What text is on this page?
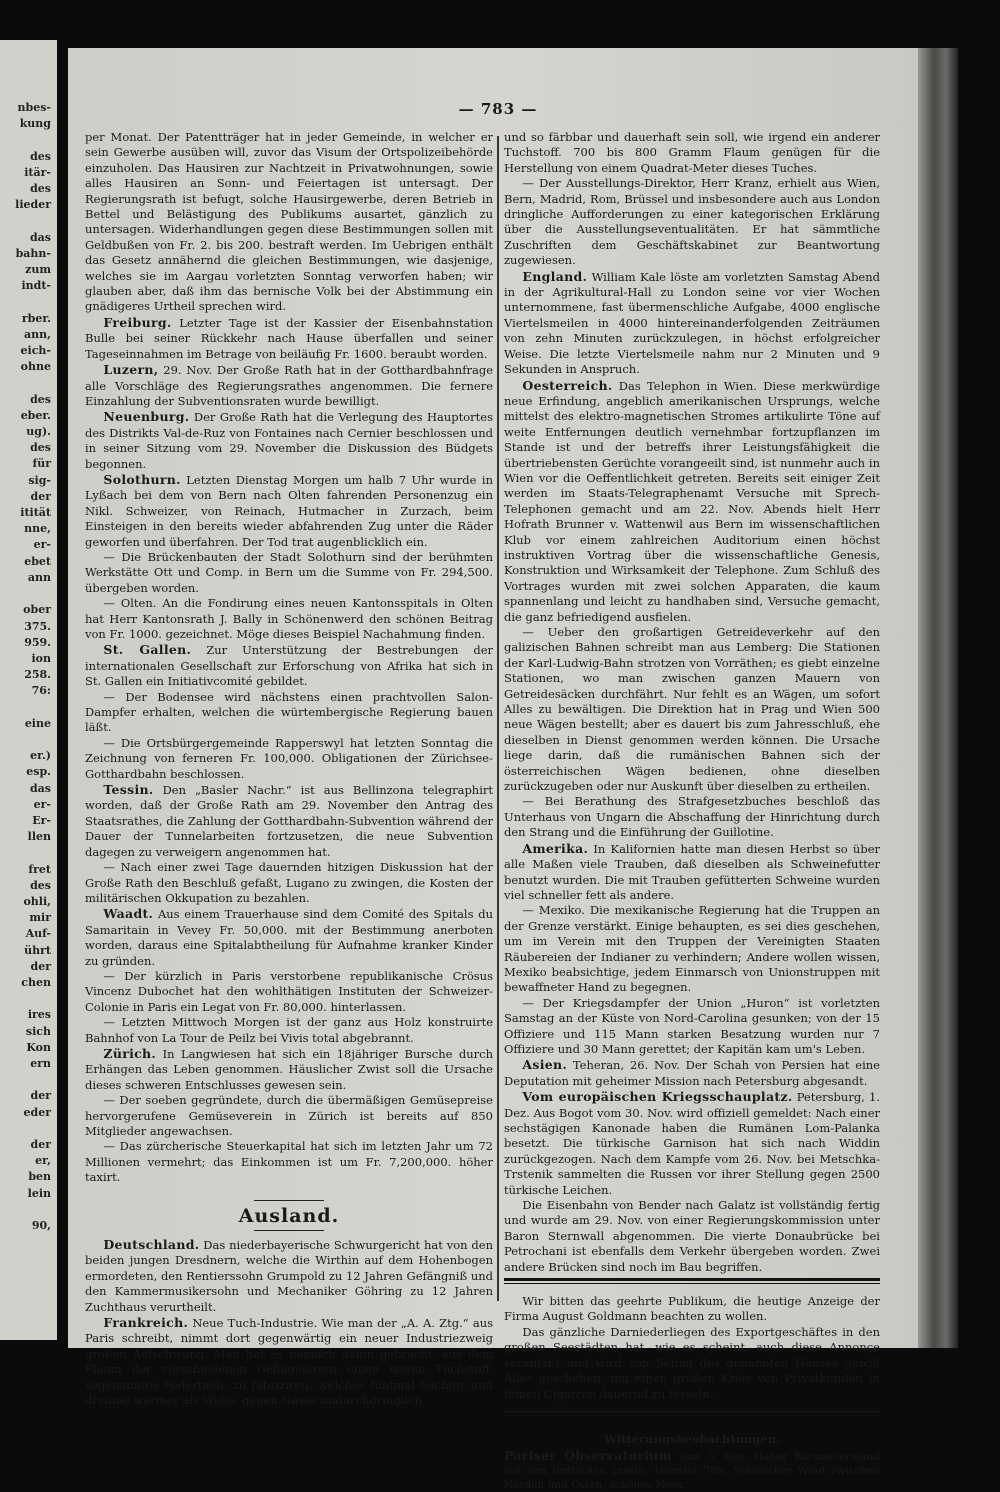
nbes-
kung

des
itär-
des
lieder

das
bahn-
zum
indt-

rber.
ann,
eich-
ohne

des
eber.
ug).
des
für
sig-
der
itität
nne,
er-
ebet
ann

ober
375.
959.
ion
258.
76:

eine

er.)
esp.
das
er-
Er-
llen

fret
des
ohli,
mir
Auf-
ührt
der
chen

ires
sich
Kon
ern

der
eder

der
er,
ben
lein

90,
— 783 —

per Monat. Der Patentträger hat in jeder Gemeinde, in welcher er sein Gewerbe ausüben will, zuvor das Visum der Ortspolizeibehörde einzuholen. Das Hausiren zur Nachtzeit in Privatwohnungen, sowie alles Hausiren an Sonn- und Feiertagen ist untersagt. Der Regierungsrath ist befugt, solche Hausirgewerbe, deren Betrieb in Bettel und Belästigung des Publikums ausartet, gänzlich zu untersagen. Widerhandlungen gegen diese Bestimmungen sollen mit Geldbußen von Fr. 2. bis 200. bestraft werden. Im Uebrigen enthält das Gesetz annähernd die gleichen Bestimmungen, wie dasjenige, welches sie im Aargau vorletzten Sonntag verworfen haben; wir glauben aber, daß ihm das bernische Volk bei der Abstimmung ein gnädigeres Urtheil sprechen wird.

Freiburg. Letzter Tage ist der Kassier der Eisenbahnstation Bulle bei seiner Rückkehr nach Hause überfallen und seiner Tageseinnahmen im Betrage von beiläufig Fr. 1600. beraubt worden.

Luzern, 29. Nov. Der Große Rath hat in der Gotthardbahnfrage alle Vorschläge des Regierungsrathes angenommen. Die fernere Einzahlung der Subventionsraten wurde bewilligt.

Neuenburg. Der Große Rath hat die Verlegung des Hauptortes des Distrikts Val-de-Ruz von Fontaines nach Cernier beschlossen und in seiner Sitzung vom 29. November die Diskussion des Büdgets begonnen.

Solothurn. Letzten Dienstag Morgen um halb 7 Uhr wurde in Lyßach bei dem von Bern nach Olten fahrenden Personenzug ein Nikl. Schweizer, von Reinach, Hutmacher in Zurzach, beim Einsteigen in den bereits wieder abfahrenden Zug unter die Räder geworfen und überfahren. Der Tod trat augenblicklich ein.

— Die Brückenbauten der Stadt Solothurn sind der berühmten Werkstätte Ott und Comp. in Bern um die Summe von Fr. 294,500. übergeben worden.

— Olten. An die Fondirung eines neuen Kantonsspitals in Olten hat Herr Kantonsrath J. Bally in Schönenwerd den schönen Beitrag von Fr. 1000. gezeichnet. Möge dieses Beispiel Nachahmung finden.

St. Gallen. Zur Unterstützung der Bestrebungen der internationalen Gesellschaft zur Erforschung von Afrika hat sich in St. Gallen ein Initiativcomité gebildet.

— Der Bodensee wird nächstens einen prachtvollen Salon-Dampfer erhalten, welchen die würtembergische Regierung bauen läßt.

— Die Ortsbürgergemeinde Rapperswyl hat letzten Sonntag die Zeichnung von ferneren Fr. 100,000. Obligationen der Zürichsee-Gotthardbahn beschlossen.

Tessin. Den „Basler Nachr.“ ist aus Bellinzona telegraphirt worden, daß der Große Rath am 29. November den Antrag des Staatsrathes, die Zahlung der Gotthardbahn-Subvention während der Dauer der Tunnelarbeiten fortzusetzen, die neue Subvention dagegen zu verweigern angenommen hat.

— Nach einer zwei Tage dauernden hitzigen Diskussion hat der Große Rath den Beschluß gefaßt, Lugano zu zwingen, die Kosten der militärischen Okkupation zu bezahlen.

Waadt. Aus einem Trauerhause sind dem Comité des Spitals du Samaritain in Vevey Fr. 50,000. mit der Bestimmung anerboten worden, daraus eine Spitalabtheilung für Aufnahme kranker Kinder zu gründen.

— Der kürzlich in Paris verstorbene republikanische Crösus Vincenz Dubochet hat den wohlthätigen Instituten der Schweizer-Colonie in Paris ein Legat von Fr. 80,000. hinterlassen.

— Letzten Mittwoch Morgen ist der ganz aus Holz konstruirte Bahnhof von La Tour de Peilz bei Vivis total abgebrannt.

Zürich. In Langwiesen hat sich ein 18jähriger Bursche durch Erhängen das Leben genommen. Häuslicher Zwist soll die Ursache dieses schweren Entschlusses gewesen sein.

— Der soeben gegründete, durch die übermäßigen Gemüsepreise hervorgerufene Gemüseverein in Zürich ist bereits auf 850 Mitglieder angewachsen.

— Das zürcherische Steuerkapital hat sich im letzten Jahr um 72 Millionen vermehrt; das Einkommen ist um Fr. 7,200,000. höher taxirt.

Ausland.

Deutschland. Das niederbayerische Schwurgericht hat von den beiden jungen Dresdnern, welche die Wirthin auf dem Hohenbogen ermordeten, den Rentierssohn Grumpold zu 12 Jahren Gefängniß und den Kammermusikersohn und Mechaniker Göhring zu 12 Jahren Zuchthaus verurtheilt.

Frankreich. Neue Tuch-Industrie. Wie man der „A. A. Ztg.“ aus Paris schreibt, nimmt dort gegenwärtig ein neuer Industriezweig großen Aufschwung. Man hat es nämlich dahin gebracht, aus dem Flaum der verschiedenen Geflügelarten einen neuen Tuchstoff, sogenanntes Federtuch, zu fabriziren, welches fünfmal leichter und dreimal wärmer als Wolle, gegen Nässe undurchdringlich

und so färbbar und dauerhaft sein soll, wie irgend ein anderer Tuchstoff. 700 bis 800 Gramm Flaum genügen für die Herstellung von einem Quadrat-Meter dieses Tuches.

— Der Ausstellungs-Direktor, Herr Kranz, erhielt aus Wien, Bern, Madrid, Rom, Brüssel und insbesondere auch aus London dringliche Aufforderungen zu einer kategorischen Erklärung über die Ausstellungseventualitäten. Er hat sämmtliche Zuschriften dem Geschäftskabinet zur Beantwortung zugewiesen.

England. William Kale löste am vorletzten Samstag Abend in der Agrikultural-Hall zu London seine vor vier Wochen unternommene, fast übermenschliche Aufgabe, 4000 englische Viertelsmeilen in 4000 hintereinanderfolgenden Zeiträumen von zehn Minuten zurückzulegen, in höchst erfolgreicher Weise. Die letzte Viertelsmeile nahm nur 2 Minuten und 9 Sekunden in Anspruch.

Oesterreich. Das Telephon in Wien. Diese merkwürdige neue Erfindung, angeblich amerikanischen Ursprungs, welche mittelst des elektro-magnetischen Stromes artikulirte Töne auf weite Entfernungen deutlich vernehmbar fortzupflanzen im Stande ist und der betreffs ihrer Leistungsfähigkeit die übertriebensten Gerüchte vorangeeilt sind, ist nunmehr auch in Wien vor die Oeffentlichkeit getreten. Bereits seit einiger Zeit werden im Staats-Telegraphenamt Versuche mit Sprech-Telephonen gemacht und am 22. Nov. Abends hielt Herr Hofrath Brunner v. Wattenwil aus Bern im wissenschaftlichen Klub vor einem zahlreichen Auditorium einen höchst instruktiven Vortrag über die wissenschaftliche Genesis, Konstruktion und Wirksamkeit der Telephone. Zum Schluß des Vortrages wurden mit zwei solchen Apparaten, die kaum spannenlang und leicht zu handhaben sind, Versuche gemacht, die ganz befriedigend ausfielen.

— Ueber den großartigen Getreideverkehr auf den galizischen Bahnen schreibt man aus Lemberg: Die Stationen der Karl-Ludwig-Bahn strotzen von Vorräthen; es giebt einzelne Stationen, wo man zwischen ganzen Mauern von Getreidesäcken durchfährt. Nur fehlt es an Wägen, um sofort Alles zu bewältigen. Die Direktion hat in Prag und Wien 500 neue Wägen bestellt; aber es dauert bis zum Jahresschluß, ehe dieselben in Dienst genommen werden können. Die Ursache liege darin, daß die rumänischen Bahnen sich der österreichischen Wägen bedienen, ohne dieselben zurückzugeben oder nur Auskunft über dieselben zu ertheilen.

— Bei Berathung des Strafgesetzbuches beschloß das Unterhaus von Ungarn die Abschaffung der Hinrichtung durch den Strang und die Einführung der Guillotine.

Amerika. In Kalifornien hatte man diesen Herbst so über alle Maßen viele Trauben, daß dieselben als Schweinefutter benutzt wurden. Die mit Trauben gefütterten Schweine wurden viel schneller fett als andere.

— Mexiko. Die mexikanische Regierung hat die Truppen an der Grenze verstärkt. Einige behaupten, es sei dies geschehen, um im Verein mit den Truppen der Vereinigten Staaten Räubereien der Indianer zu verhindern; Andere wollen wissen, Mexiko beabsichtige, jedem Einmarsch von Unionstruppen mit bewaffneter Hand zu begegnen.

— Der Kriegsdampfer der Union „Huron“ ist vorletzten Samstag an der Küste von Nord-Carolina gesunken; von der 15 Offiziere und 115 Mann starken Besatzung wurden nur 7 Offiziere und 30 Mann gerettet; der Kapitän kam um's Leben.

Asien. Teheran, 26. Nov. Der Schah von Persien hat eine Deputation mit geheimer Mission nach Petersburg abgesandt.

Vom europäischen Kriegsschauplatz. Petersburg, 1. Dez. Aus Bogot vom 30. Nov. wird offiziell gemeldet: Nach einer sechstägigen Kanonade haben die Rumänen Lom-Palanka besetzt. Die türkische Garnison hat sich nach Widdin zurückgezogen. Nach dem Kampfe vom 26. Nov. bei Metschka-Trstenik sammelten die Russen vor ihrer Stellung gegen 2500 türkische Leichen.

Die Eisenbahn von Bender nach Galatz ist vollständig fertig und wurde am 29. Nov. von einer Regierungskommission unter Baron Sternwall abgenommen. Die vierte Donaubrücke bei Petrochani ist ebenfalls dem Verkehr übergeben worden. Zwei andere Brücken sind noch im Bau begriffen.

Wir bitten das geehrte Publikum, die heutige Anzeige der Firma August Goldmann beachten zu wollen.

Das gänzliche Darniederliegen des Exportgeschäftes in den großen Seestädten hat, wie es scheint, auch diese Annonce veranlaßt und wird von Seiten des genannten Hauses gewiß Alles geschehen, um einen großen Kreis von Privatkunden in feinen Cigarren dauernd zu fesseln.

Witterungsbeobachtungen.

Pariser Observatorium vom 3. Dez. Hoher Barometerstand auf den britischen Inseln; Valentia 789. Schwacher Wind zwischen Norden und Osten; schönes Meer.
